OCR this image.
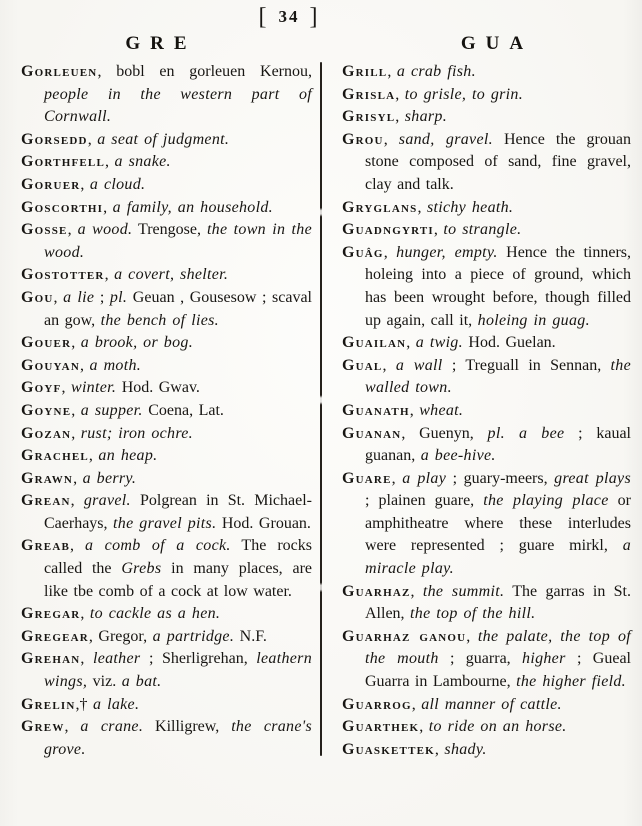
[ 34 ]
GRE	GUA

Gorleuen, bobl en gorleuen Kernou, people in the western part of Cornwall.

Gorsedd, a seat of judgment.

Gorthfell, a snake.

Goruer, a cloud.

Goscorthi, a family, an household.

Gosse, a wood. Trengose, the town in the wood.

Gostotter, a covert, shelter.

Gou, a lie ; pl. Geuan , Gousesow ; scaval an gow, the bench of lies.

Gouer, a brook, or bog.

Gouyan, a moth.

Goyf, winter. Hod. Gwav.

Goyne, a supper. Coena, Lat.

Gozan, rust; iron ochre.

Grachel, an heap.

Grawn, a berry.

Grean, gravel. Polgrean in St. Michael-Caerhays, the gravel pits. Hod. Grouan.

Greab, a comb of a cock. The rocks called the Grebs in many places, are like tbe comb of a cock at low water.

Gregar, to cackle as a hen.

Gregear, Gregor, a partridge. N.F.

Grehan, leather ; Sherligrehan, leathern wings, viz. a bat.

Grelin,† a lake.

Grew, a crane. Killigrew, the crane's grove.

Grill, a crab fish.

Grisla, to grisle, to grin.

Grisyl, sharp.

Grou, sand, gravel. Hence the grouan stone composed of sand, fine gravel, clay and talk.

Gryglans, stichy heath.

Guadngyrti, to strangle.

Guâg, hunger, empty. Hence the tinners, holeing into a piece of ground, which has been wrought before, though filled up again, call it, holeing in guag.

Guailan, a twig. Hod. Guelan.

Gual, a wall ; Treguall in Sennan, the walled town.

Guanath, wheat.

Guanan, Guenyn, pl. a bee ; kaual guanan, a bee-hive.

Guare, a play ; guary-meers, great plays ; plainen guare, the playing place or amphitheatre where these interludes were represented ; guare mirkl, a miracle play.

Guarhaz, the summit. The garras in St. Allen, the top of the hill.

Guarhaz ganou, the palate, the top of the mouth ; guarra, higher ; Gueal Guarra in Lambourne, the higher field.

Guarrog, all manner of cattle.

Guarthek, to ride on an horse.

Guaskettek, shady.
